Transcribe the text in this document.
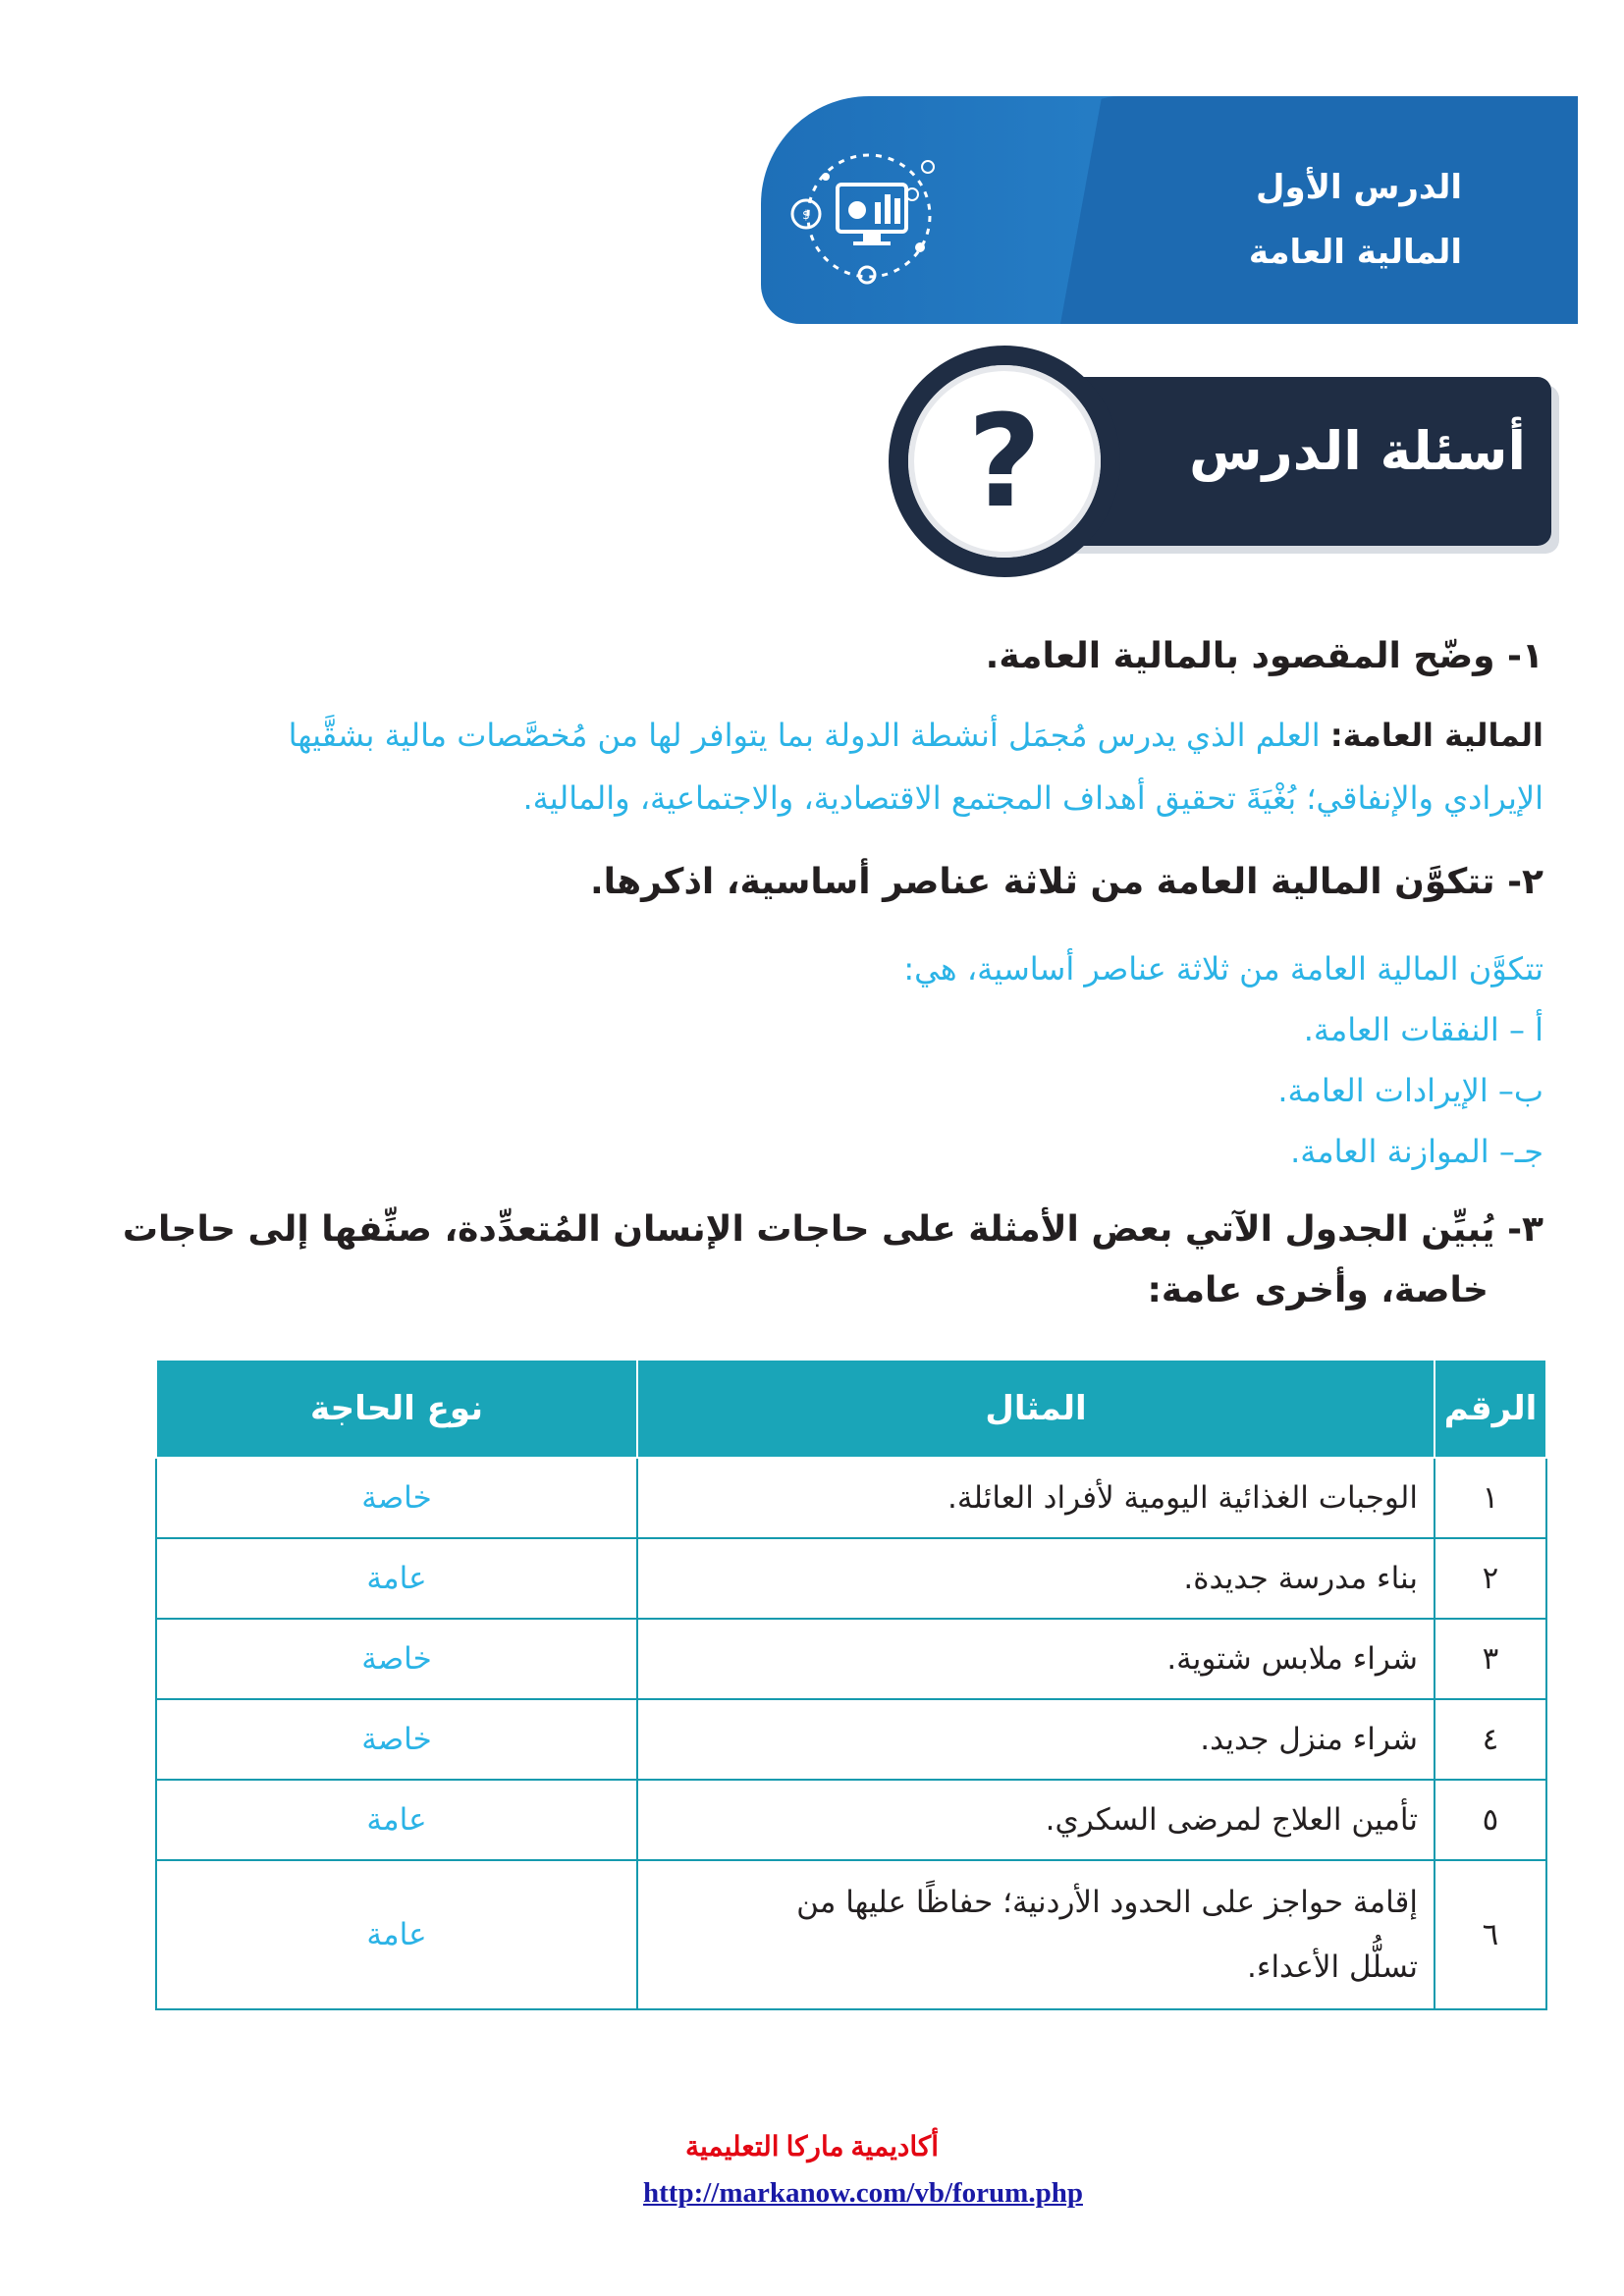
$
الدرس الأول
المالية العامة
?	أسئلة الدرس
١- وضّح المقصود بالمالية العامة.
المالية العامة: العلم الذي يدرس مُجمَل أنشطة الدولة بما يتوافر لها من مُخصَّصات مالية بشقَّيها
الإيرادي والإنفاقي؛ بُغْيَةَ تحقيق أهداف المجتمع الاقتصادية، والاجتماعية، والمالية.
٢- تتكوَّن المالية العامة من ثلاثة عناصر أساسية، اذكرها.
تتكوَّن المالية العامة من ثلاثة عناصر أساسية، هي:
أ – النفقات العامة.
ب– الإيرادات العامة.
جـ– الموازنة العامة.
٣- يُبيِّن الجدول الآتي بعض الأمثلة على حاجات الإنسان المُتعدِّدة، صنِّفها إلى حاجات
خاصة، وأخرى عامة:
الرقم	المثال	نوع الحاجة
١	الوجبات الغذائية اليومية لأفراد العائلة.	خاصة
٢	بناء مدرسة جديدة.	عامة
٣	شراء ملابس شتوية.	خاصة
٤	شراء منزل جديد.	خاصة
٥	تأمين العلاج لمرضى السكري.	عامة
٦	إقامة حواجز على الحدود الأردنية؛ حفاظًا عليها من
تسلُّل الأعداء.	عامة
أكاديمية ماركا التعليمية
http://markanow.com/vb/forum.php
